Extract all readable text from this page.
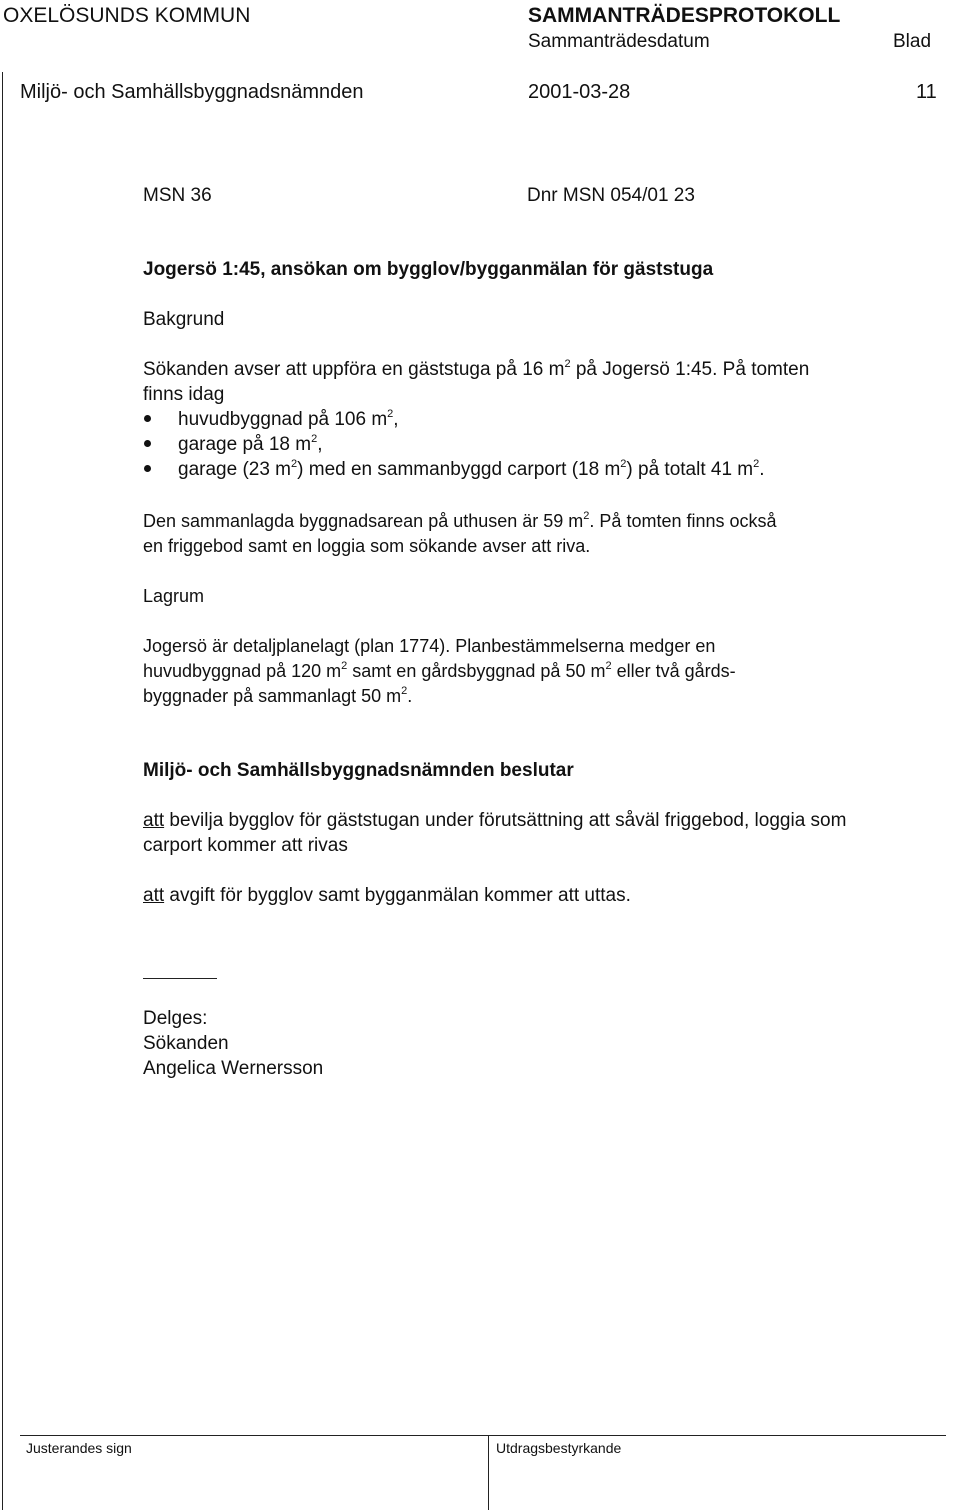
OXELÖSUNDS KOMMUN	SAMMANTRÄDESPROTOKOLL
Sammanträdesdatum	Blad
Miljö- och Samhällsbyggnadsnämnden	2001-03-28	11
MSN 36	Dnr MSN 054/01 23
Jogersö 1:45, ansökan om bygglov/bygganmälan för gäststuga
Bakgrund
Sökanden avser att uppföra en gäststuga på 16 $m^2$ på Jogersö 1:45. På tomten
finns idag
huvudbyggnad på 106 $m^2$,
garage på 18 $m^2$,
garage (23 $m^2$) med en sammanbyggd carport (18 $m^2$) på totalt 41 $m^2$.
Den sammanlagda byggnadsarean på uthusen är 59 $m^2$. På tomten finns också
en friggebod samt en loggia som sökande avser att riva.
Lagrum
Jogersö är detaljplanelagt (plan 1774). Planbestämmelserna medger en
huvudbyggnad på 120 $m^2$ samt en gårdsbyggnad på 50 $m^2$ eller två gårds-
byggnader på sammanlagt 50 $m^2$.
Miljö- och Samhällsbyggnadsnämnden beslutar
att bevilja bygglov för gäststugan under förutsättning att såväl friggebod, loggia som
carport kommer att rivas
att avgift för bygglov samt bygganmälan kommer att uttas.
Delges:
Sökanden
Angelica Wernersson
Justerandes sign	Utdragsbestyrkande
